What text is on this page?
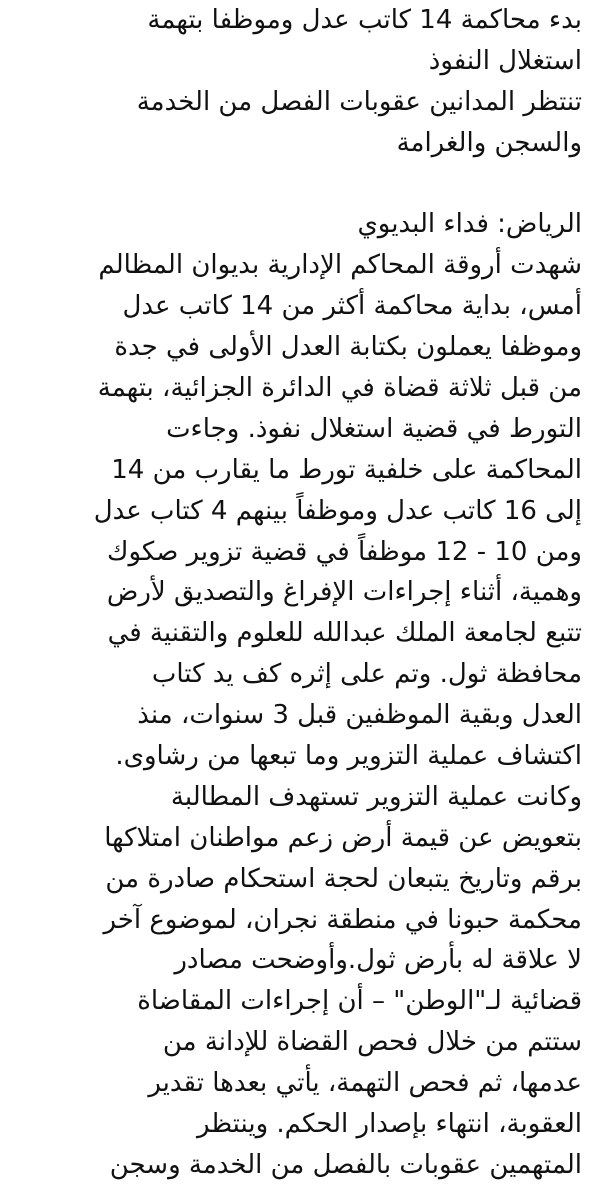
بدء محاكمة 14 كاتب عدل وموظفا بتهمة
استغلال النفوذ
تنتظر المدانين عقوبات الفصل من الخدمة
والسجن والغرامة
الرياض: فداء البديوي
شهدت أروقة المحاكم الإدارية بديوان المظالم
أمس، بداية محاكمة أكثر من 14 كاتب عدل
وموظفا يعملون بكتابة العدل الأولى في جدة
من قبل ثلاثة قضاة في الدائرة الجزائية، بتهمة
التورط في قضية استغلال نفوذ. وجاءت
المحاكمة على خلفية تورط ما يقارب من 14
إلى 16 كاتب عدل وموظفاً بينهم 4 كتاب عدل
ومن 10 - 12 موظفاً في قضية تزوير صكوك
وهمية، أثناء إجراءات الإفراغ والتصديق لأرض
تتبع لجامعة الملك عبدالله للعلوم والتقنية في
محافظة ثول. وتم على إثره كف يد كتاب
العدل وبقية الموظفين قبل 3 سنوات، منذ
اكتشاف عملية التزوير وما تبعها من رشاوى.
وكانت عملية التزوير تستهدف المطالبة
بتعويض عن قيمة أرض زعم مواطنان امتلاكها
برقم وتاريخ يتبعان لحجة استحكام صادرة من
محكمة حبونا في منطقة نجران، لموضوع آخر
لا علاقة له بأرض ثول.وأوضحت مصادر
قضائية لـ"الوطن" – أن إجراءات المقاضاة
ستتم من خلال فحص القضاة للإدانة من
عدمها، ثم فحص التهمة، يأتي بعدها تقدير
العقوبة، انتهاء بإصدار الحكم. وينتظر
المتهمين عقوبات بالفصل من الخدمة وسجن
